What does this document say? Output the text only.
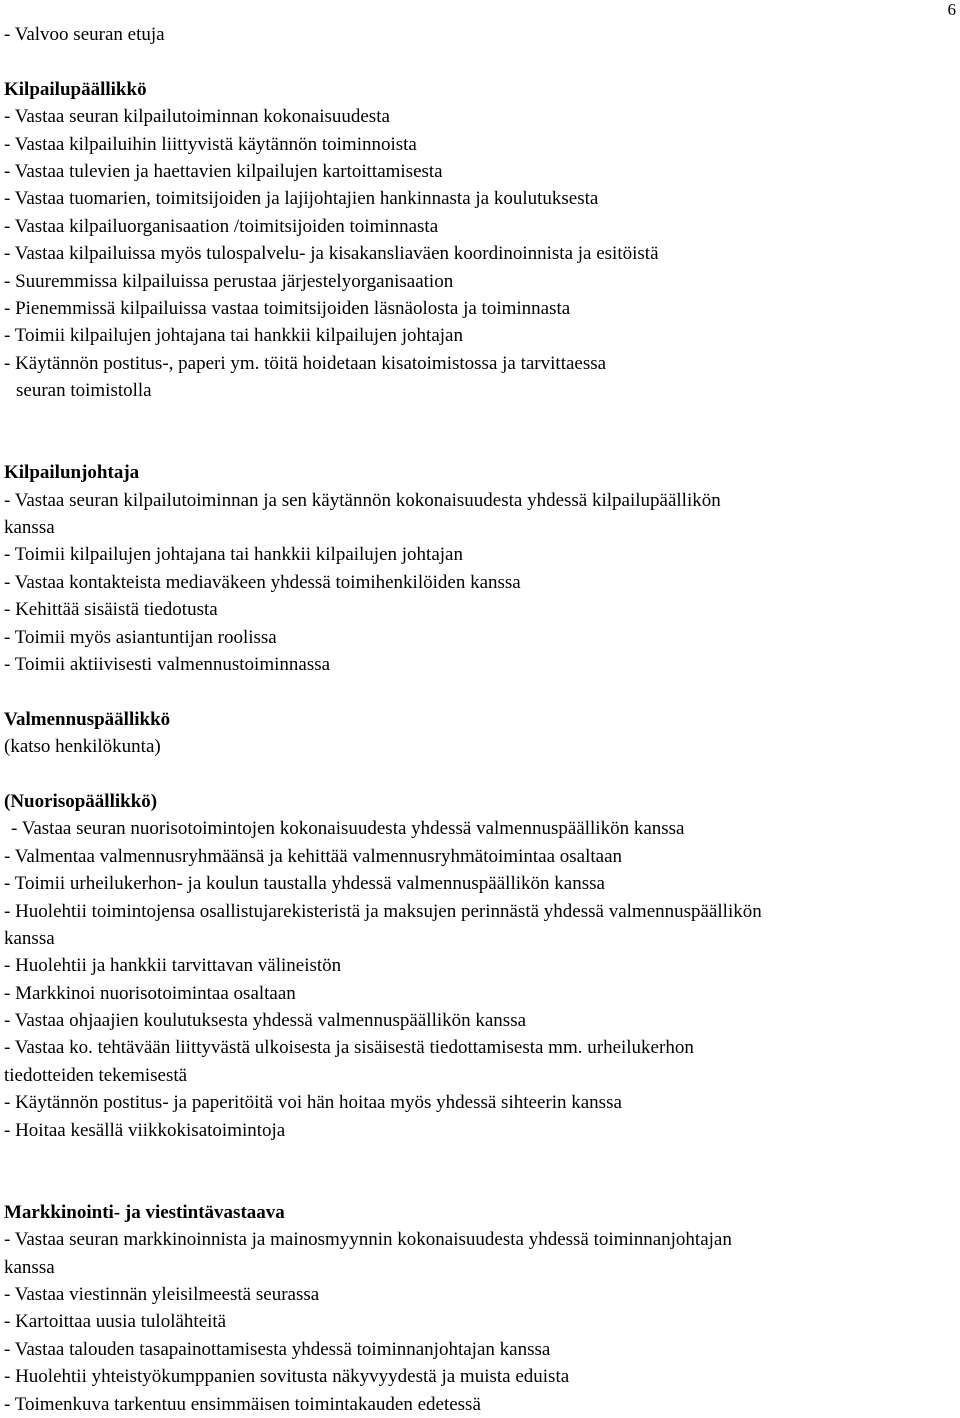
6
- Valvoo seuran etuja
Kilpailupäällikkö
- Vastaa seuran kilpailutoiminnan kokonaisuudesta
- Vastaa kilpailuihin liittyvistä käytännön toiminnoista
- Vastaa tulevien ja haettavien kilpailujen kartoittamisesta
- Vastaa tuomarien, toimitsijoiden ja lajijohtajien hankinnasta ja koulutuksesta
- Vastaa kilpailuorganisaation /toimitsijoiden toiminnasta
- Vastaa kilpailuissa myös tulospalvelu- ja kisakansliaväen koordinoinnista ja esitöistä
- Suuremmissa kilpailuissa perustaa järjestelyorganisaation
- Pienemmissä kilpailuissa vastaa toimitsijoiden läsnäolosta ja toiminnasta
- Toimii kilpailujen johtajana tai hankkii kilpailujen johtajan
- Käytännön postitus-, paperi ym. töitä hoidetaan kisatoimistossa ja tarvittaessa
seuran toimistolla
Kilpailunjohtaja
- Vastaa seuran kilpailutoiminnan ja sen käytännön kokonaisuudesta yhdessä kilpailupäällikön
kanssa
- Toimii kilpailujen johtajana tai hankkii kilpailujen johtajan
- Vastaa kontakteista mediaväkeen yhdessä toimihenkilöiden kanssa
- Kehittää sisäistä tiedotusta
- Toimii myös asiantuntijan roolissa
- Toimii aktiivisesti valmennustoiminnassa
Valmennuspäällikkö
(katso henkilökunta)
(Nuorisopäällikkö)
- Vastaa seuran nuorisotoimintojen kokonaisuudesta yhdessä valmennuspäällikön kanssa
- Valmentaa valmennusryhmäänsä ja kehittää valmennusryhmätoimintaa osaltaan
- Toimii urheilukerhon- ja koulun taustalla yhdessä valmennuspäällikön kanssa
- Huolehtii toimintojensa osallistujarekisteristä ja maksujen perinnästä yhdessä valmennuspäällikön
kanssa
- Huolehtii ja hankkii tarvittavan välineistön
- Markkinoi nuorisotoimintaa osaltaan
- Vastaa ohjaajien koulutuksesta yhdessä valmennuspäällikön kanssa
- Vastaa ko. tehtävään liittyvästä ulkoisesta ja sisäisestä tiedottamisesta mm. urheilukerhon
tiedotteiden tekemisestä
- Käytännön postitus- ja paperitöitä voi hän hoitaa myös yhdessä sihteerin kanssa
- Hoitaa kesällä viikkokisatoimintoja
Markkinointi- ja viestintävastaava
- Vastaa seuran markkinoinnista ja mainosmyynnin kokonaisuudesta yhdessä toiminnanjohtajan
kanssa
- Vastaa viestinnän yleisilmeestä seurassa
- Kartoittaa uusia tulolähteitä
- Vastaa talouden tasapainottamisesta yhdessä toiminnanjohtajan kanssa
- Huolehtii yhteistyökumppanien sovitusta näkyvyydestä ja muista eduista
- Toimenkuva tarkentuu ensimmäisen toimintakauden edetessä
